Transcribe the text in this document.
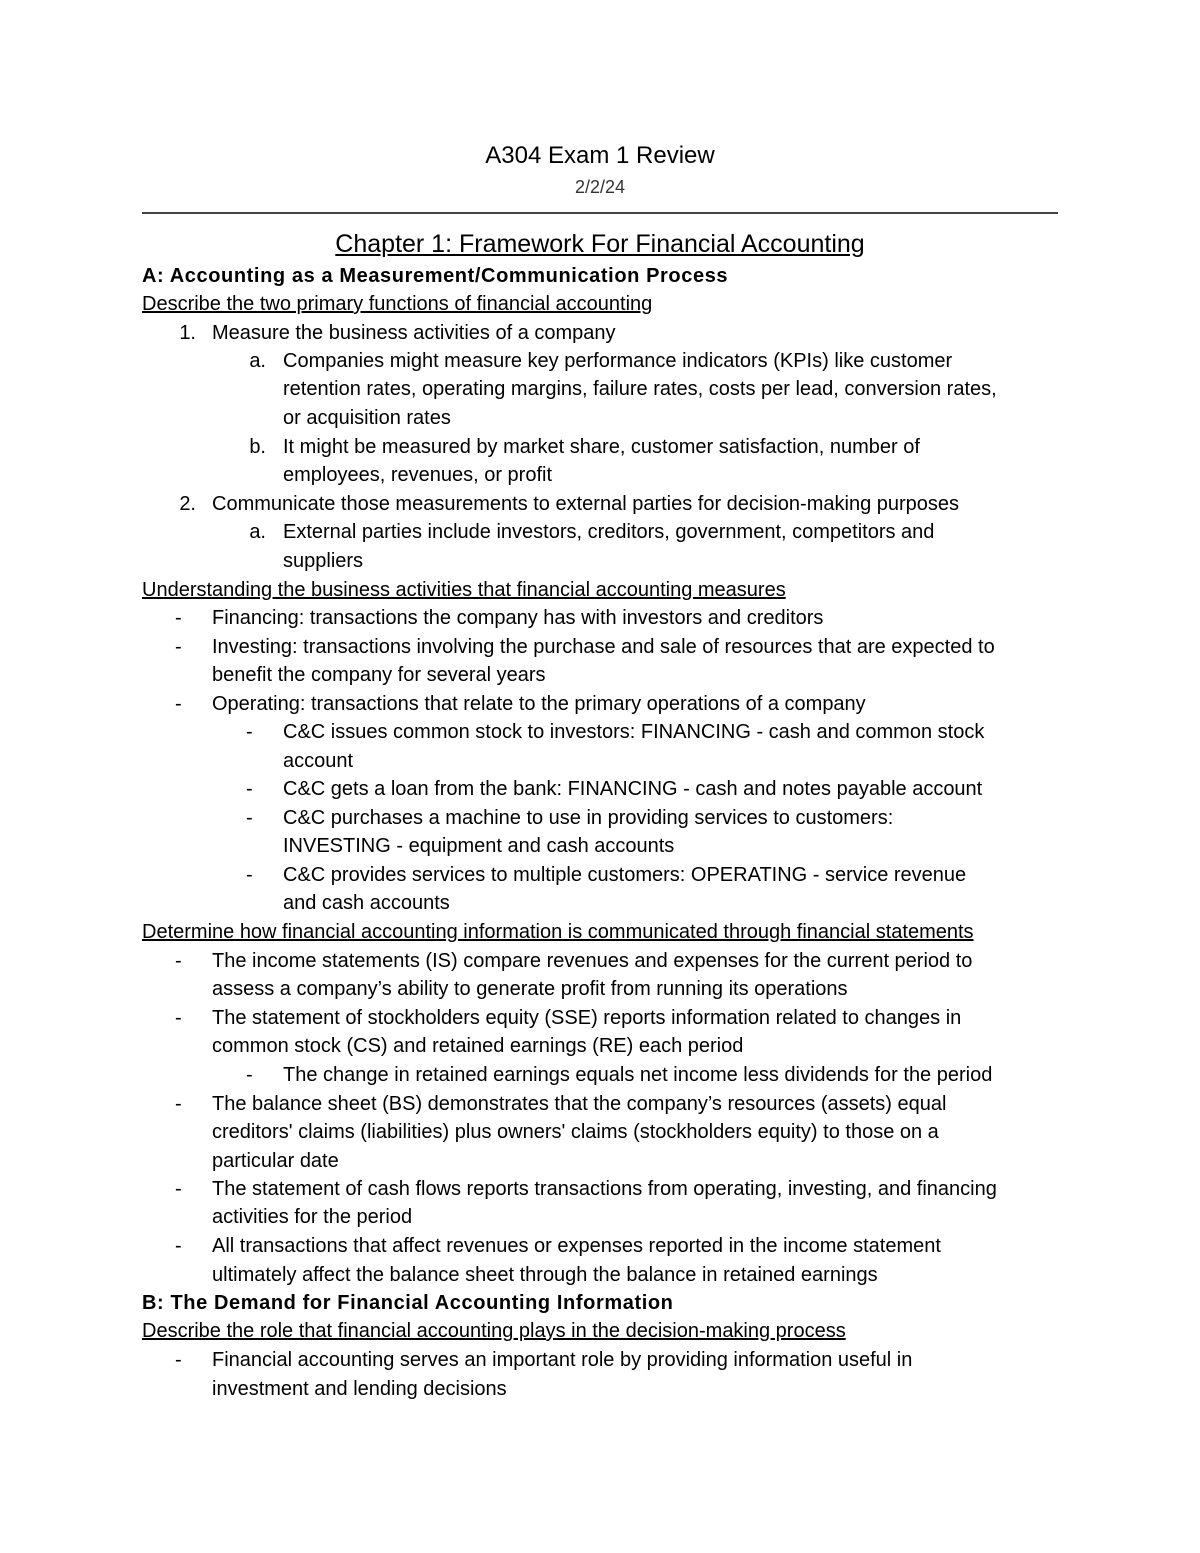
A304 Exam 1 Review
2/2/24
Chapter 1: Framework For Financial Accounting
A: Accounting as a Measurement/Communication Process
Describe the two primary functions of financial accounting
1. Measure the business activities of a company
a. Companies might measure key performance indicators (KPIs) like customer
retention rates, operating margins, failure rates, costs per lead, conversion rates,
or acquisition rates
b. It might be measured by market share, customer satisfaction, number of
employees, revenues, or profit
2. Communicate those measurements to external parties for decision-making purposes
a. External parties include investors, creditors, government, competitors and
suppliers
Understanding the business activities that financial accounting measures
- Financing: transactions the company has with investors and creditors
- Investing: transactions involving the purchase and sale of resources that are expected to
benefit the company for several years
- Operating: transactions that relate to the primary operations of a company
- C&C issues common stock to investors: FINANCING - cash and common stock
account
- C&C gets a loan from the bank: FINANCING - cash and notes payable account
- C&C purchases a machine to use in providing services to customers:
INVESTING - equipment and cash accounts
- C&C provides services to multiple customers: OPERATING - service revenue
and cash accounts
Determine how financial accounting information is communicated through financial statements
- The income statements (IS) compare revenues and expenses for the current period to
assess a company’s ability to generate profit from running its operations
- The statement of stockholders equity (SSE) reports information related to changes in
common stock (CS) and retained earnings (RE) each period
- The change in retained earnings equals net income less dividends for the period
- The balance sheet (BS) demonstrates that the company’s resources (assets) equal
creditors' claims (liabilities) plus owners' claims (stockholders equity) to those on a
particular date
- The statement of cash flows reports transactions from operating, investing, and financing
activities for the period
- All transactions that affect revenues or expenses reported in the income statement
ultimately affect the balance sheet through the balance in retained earnings
B: The Demand for Financial Accounting Information
Describe the role that financial accounting plays in the decision-making process
- Financial accounting serves an important role by providing information useful in
investment and lending decisions
